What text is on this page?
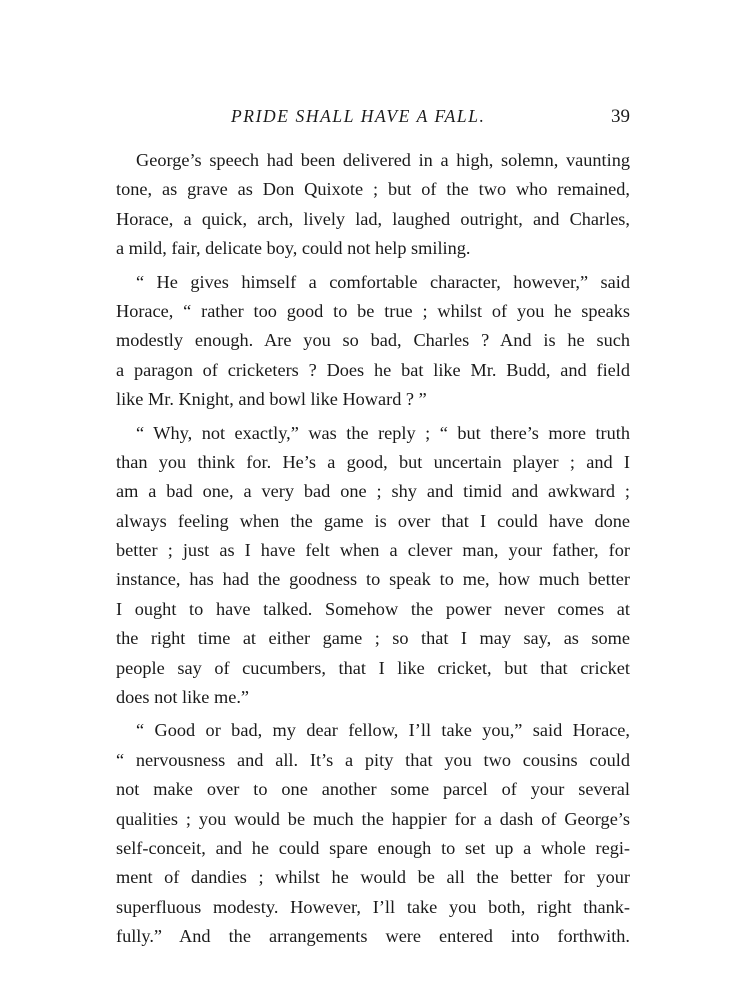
PRIDE SHALL HAVE A FALL.	39
George’s speech had been delivered in a high, solemn, vaunting
tone, as grave as Don Quixote ; but of the two who remained,
Horace, a quick, arch, lively lad, laughed outright, and Charles,
a mild, fair, delicate boy, could not help smiling.
“ He gives himself a comfortable character, however,” said
Horace, “ rather too good to be true ; whilst of you he speaks
modestly enough. Are you so bad, Charles ? And is he such
a paragon of cricketers ? Does he bat like Mr. Budd, and field
like Mr. Knight, and bowl like Howard ? ”
“ Why, not exactly,” was the reply ; “ but there’s more truth
than you think for. He’s a good, but uncertain player ; and I
am a bad one, a very bad one ; shy and timid and awkward ;
always feeling when the game is over that I could have done
better ; just as I have felt when a clever man, your father, for
instance, has had the goodness to speak to me, how much better
I ought to have talked. Somehow the power never comes at
the right time at either game ; so that I may say, as some
people say of cucumbers, that I like cricket, but that cricket
does not like me.”
“ Good or bad, my dear fellow, I’ll take you,” said Horace,
“ nervousness and all. It’s a pity that you two cousins could
not make over to one another some parcel of your several
qualities ; you would be much the happier for a dash of George’s
self-conceit, and he could spare enough to set up a whole regi-
ment of dandies ; whilst he would be all the better for your
superfluous modesty. However, I’ll take you both, right thank-
fully.” And the arrangements were entered into forthwith.
